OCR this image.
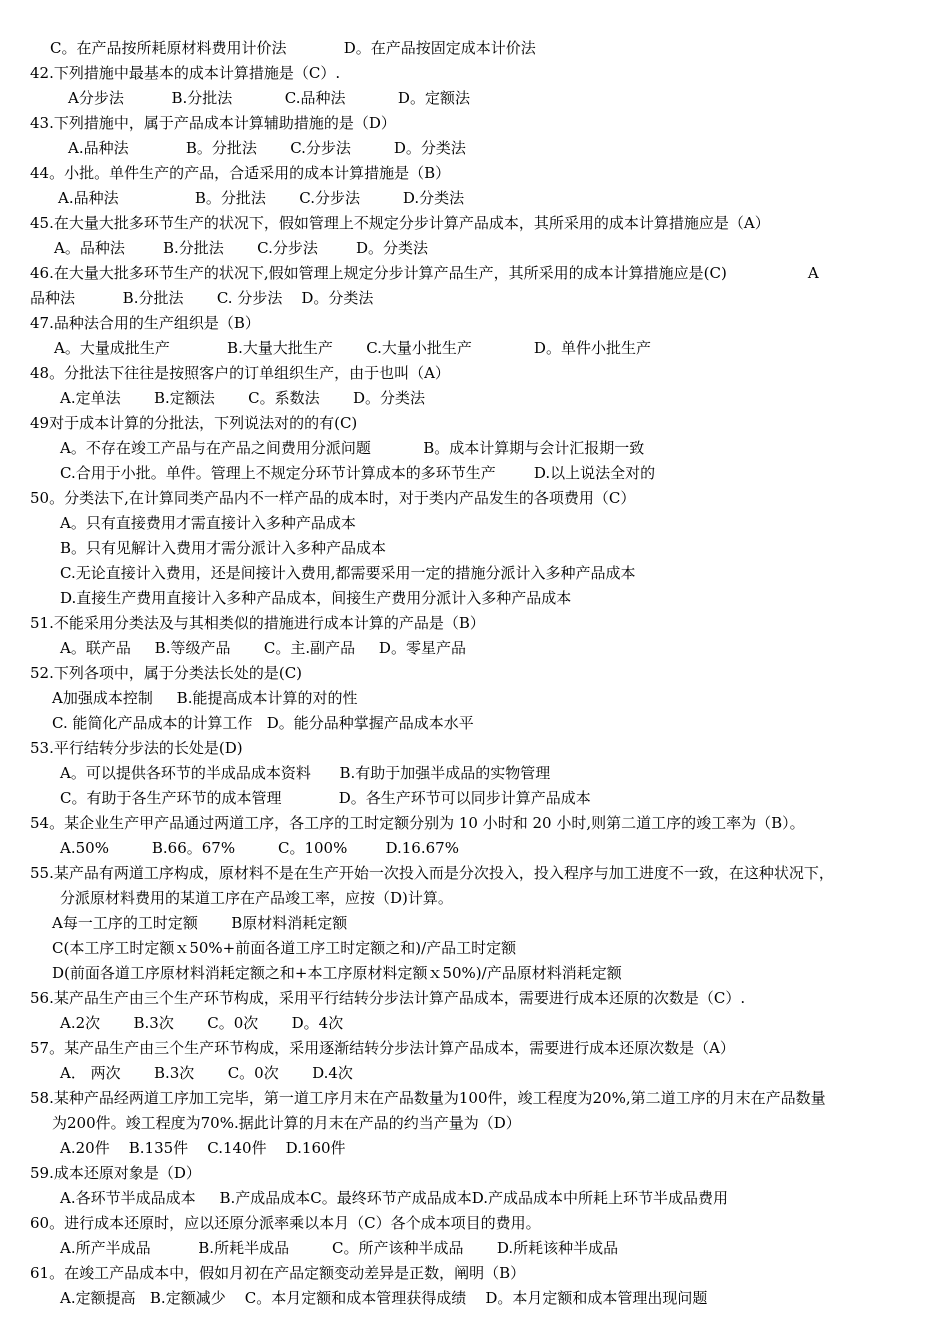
C。在产品按所耗原材料费用计价法            D。在产品按固定成本计价法
42.下列措施中最基本的成本计算措施是（C）.
A分步法          B.分批法           C.品种法           D。定额法
43.下列措施中，属于产品成本计算辅助措施的是（D）
A.品种法            B。分批法       C.分步法         D。分类法
44。小批。单件生产的产品，合适采用的成本计算措施是（B）
A.品种法                B。分批法       C.分步法         D.分类法
45.在大量大批多环节生产的状况下，假如管理上不规定分步计算产品成本，其所采用的成本计算措施应是（A）
A。品种法        B.分批法       C.分步法        D。分类法
46.在大量大批多环节生产的状况下,假如管理上规定分步计算产品生产，其所采用的成本计算措施应是(C)                 A
品种法          B.分批法       C. 分步法    D。分类法
47.品种法合用的生产组织是（B）
A。大量成批生产            B.大量大批生产       C.大量小批生产             D。单件小批生产
48。分批法下往往是按照客户的订单组织生产，由于也叫（A）
A.定单法       B.定额法       C。系数法       D。分类法
49对于成本计算的分批法，下列说法对的的有(C)
A。不存在竣工产品与在产品之间费用分派问题           B。成本计算期与会计汇报期一致
C.合用于小批。单件。管理上不规定分环节计算成本的多环节生产        D.以上说法全对的
50。分类法下,在计算同类产品内不一样产品的成本时，对于类内产品发生的各项费用（C）
A。只有直接费用才需直接计入多种产品成本
B。只有见解计入费用才需分派计入多种产品成本
C.无论直接计入费用，还是间接计入费用,都需要采用一定的措施分派计入多种产品成本
D.直接生产费用直接计入多种产品成本，间接生产费用分派计入多种产品成本
51.不能采用分类法及与其相类似的措施进行成本计算的产品是（B）
A。联产品     B.等级产品       C。主.副产品     D。零星产品
52.下列各项中，属于分类法长处的是(C)
A加强成本控制     B.能提高成本计算的对的性
C. 能简化产品成本的计算工作   D。能分品种掌握产品成本水平
53.平行结转分步法的长处是(D)
A。可以提供各环节的半成品成本资料      B.有助于加强半成品的实物管理
C。有助于各生产环节的成本管理            D。各生产环节可以同步计算产品成本
54。某企业生产甲产品通过两道工序，各工序的工时定额分别为 10 小时和 20 小时,则第二道工序的竣工率为（B）。
A.50%         B.66。67%         C。100%        D.16.67%
55.某产品有两道工序构成，原材料不是在生产开始一次投入而是分次投入，投入程序与加工进度不一致，在这种状况下，
分派原材料费用的某道工序在产品竣工率，应按（D)计算。
A每一工序的工时定额       B原材料消耗定额
C(本工序工时定额ｘ50%+前面各道工序工时定额之和)/产品工时定额
D(前面各道工序原材料消耗定额之和+本工序原材料定额ｘ50%)/产品原材料消耗定额
56.某产品生产由三个生产环节构成，采用平行结转分步法计算产品成本，需要进行成本还原的次数是（C）.
A.2次       B.3次       C。0次       D。4次
57。某产品生产由三个生产环节构成，采用逐渐结转分步法计算产品成本，需要进行成本还原次数是（A）
A． 两次       B.3次       C。0次       D.4次
58.某种产品经两道工序加工完毕，第一道工序月末在产品数量为100件，竣工程度为20%,第二道工序的月末在产品数量
为200件。竣工程度为70%.据此计算的月末在产品的约当产量为（D）
A.20件    B.135件    C.140件    D.160件
59.成本还原对象是（D）
A.各环节半成品成本     B.产成品成本C。最终环节产成品成本D.产成品成本中所耗上环节半成品费用
60。进行成本还原时，应以还原分派率乘以本月（C）各个成本项目的费用。
A.所产半成品          B.所耗半成品         C。所产该种半成品       D.所耗该种半成品
61。在竣工产品成本中，假如月初在产品定额变动差异是正数，阐明（B）
A.定额提高   B.定额减少    C。本月定额和成本管理获得成绩    D。本月定额和成本管理出现问题
